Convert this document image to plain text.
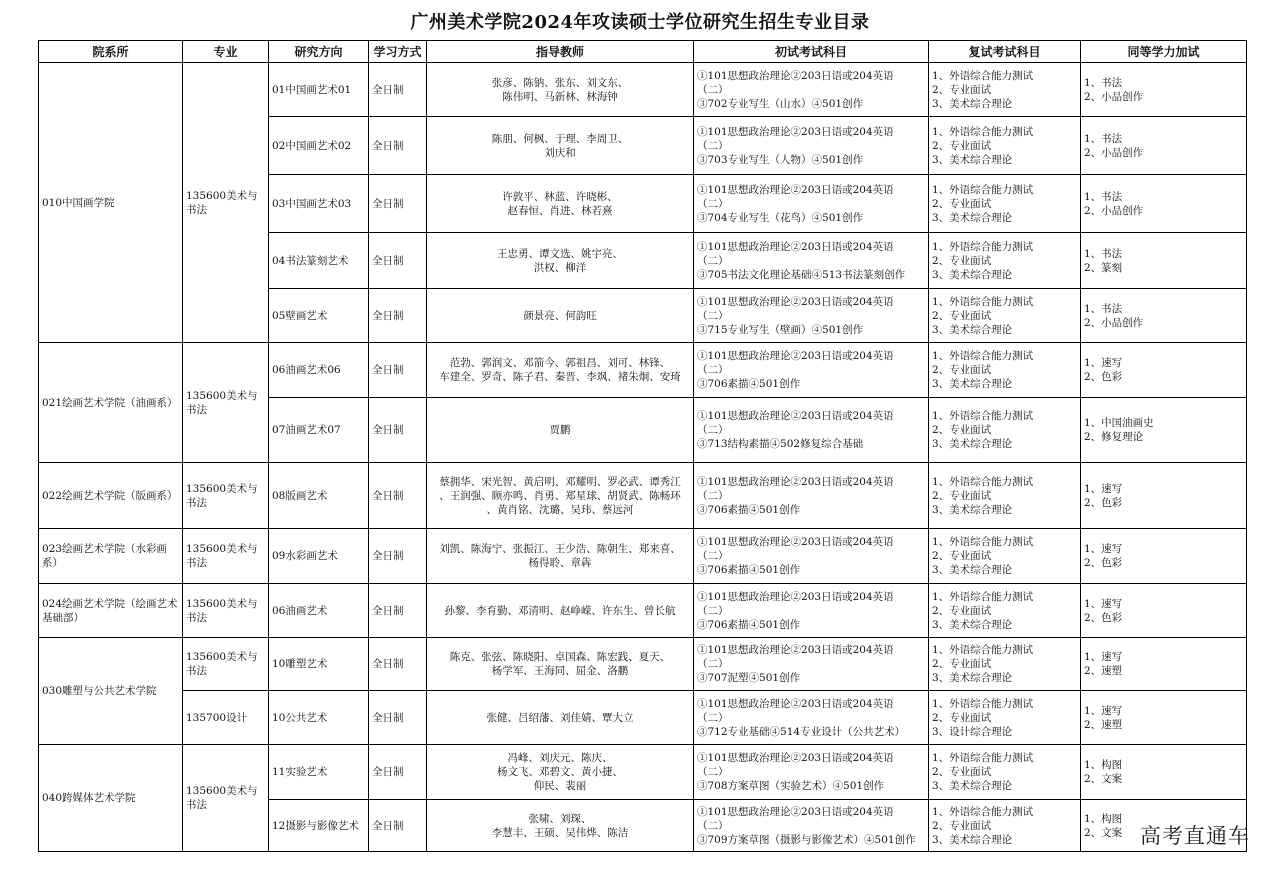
广州美术学院2024年攻读硕士学位研究生招生专业目录
院系所	专业	研究方向	学习方式	指导教师	初试考试科目	复试考试科目	同等学力加试
010中国画学院	135600美术与书法	01中国画艺术01	全日制	张彦、陈钠、张东、刘文东、
陈伟明、马新林、林海钟	①101思想政治理论②203日语或204英语（二）
③702专业写生（山水）④501创作	1、外语综合能力测试
2、专业面试
3、美术综合理论	1、书法
2、小品创作
		02中国画艺术02	全日制	陈朋、何枫、于理、李周卫、
刘庆和	①101思想政治理论②203日语或204英语（二）
③703专业写生（人物）④501创作	1、外语综合能力测试
2、专业面试
3、美术综合理论	1、书法
2、小品创作
		03中国画艺术03	全日制	许敦平、林蓝、许晓彬、
赵春恒、肖进、林若熹	①101思想政治理论②203日语或204英语（二）
③704专业写生（花鸟）④501创作	1、外语综合能力测试
2、专业面试
3、美术综合理论	1、书法
2、小品创作
		04书法篆刻艺术	全日制	王忠勇、谭文选、姚宇亮、
洪权、柳洋	①101思想政治理论②203日语或204英语（二）
③705书法文化理论基础④513书法篆刻创作	1、外语综合能力测试
2、专业面试
3、美术综合理论	1、书法
2、篆刻
		05壁画艺术	全日制	颜景亮、何韵旺	①101思想政治理论②203日语或204英语（二）
③715专业写生（壁画）④501创作	1、外语综合能力测试
2、专业面试
3、美术综合理论	1、书法
2、小品创作
021绘画艺术学院（油画系）	135600美术与书法	06油画艺术06	全日制	范勃、郭润文、邓箭今、郭祖昌、刘可、林锋、
车建全、罗奇、陈子君、秦晋、李飒、褚朱炯、安琦	①101思想政治理论②203日语或204英语（二）
③706素描④501创作	1、外语综合能力测试
2、专业面试
3、美术综合理论	1、速写
2、色彩
		07油画艺术07	全日制	贾鹏	①101思想政治理论②203日语或204英语（二）
③713结构素描④502修复综合基础	1、外语综合能力测试
2、专业面试
3、美术综合理论	1、中国油画史
2、修复理论
022绘画艺术学院（版画系）	135600美术与书法	08版画艺术	全日制	蔡拥华、宋光智、黄启明、邓耀明、罗必武、谭秀江
、王润强、顾亦鸣、肖勇、郑星球、胡贤武、陈畅环
、黄肖铭、沈璐、吴玮、蔡远河	①101思想政治理论②203日语或204英语（二）
③706素描④501创作	1、外语综合能力测试
2、专业面试
3、美术综合理论	1、速写
2、色彩
023绘画艺术学院（水彩画系）	135600美术与书法	09水彩画艺术	全日制	刘凯、陈海宁、张振江、王少浩、陈朝生、郑来喜、
杨得聆、章犇	①101思想政治理论②203日语或204英语（二）
③706素描④501创作	1、外语综合能力测试
2、专业面试
3、美术综合理论	1、速写
2、色彩
024绘画艺术学院（绘画艺术基础部）	135600美术与书法	06油画艺术	全日制	孙黎、李育勤、邓清明、赵峥嵘、许东生、曾长航	①101思想政治理论②203日语或204英语（二）
③706素描④501创作	1、外语综合能力测试
2、专业面试
3、美术综合理论	1、速写
2、色彩
030雕塑与公共艺术学院	135600美术与书法	10雕塑艺术	全日制	陈克、张弦、陈晓阳、卓国森、陈宏践、夏天、
杨学军、王海同、屈金、洛鹏	①101思想政治理论②203日语或204英语（二）
③707泥塑④501创作	1、外语综合能力测试
2、专业面试
3、美术综合理论	1、速写
2、速塑
	135700设计	10公共艺术	全日制	张健、吕绍藩、刘佳婧、覃大立	①101思想政治理论②203日语或204英语（二）
③712专业基础④514专业设计（公共艺术）	1、外语综合能力测试
2、专业面试
3、设计综合理论	1、速写
2、速塑
040跨媒体艺术学院	135600美术与书法	11实验艺术	全日制	冯峰、刘庆元、陈庆、
杨文飞、邓碧文、黄小捷、
仰民、裴丽	①101思想政治理论②203日语或204英语（二）
③708方案草图（实验艺术）④501创作	1、外语综合能力测试
2、专业面试
3、美术综合理论	1、构图
2、文案
		12摄影与影像艺术	全日制	张啸、刘琛、
李慧丰、王硕、吴伟烨、陈洁	①101思想政治理论②203日语或204英语（二）
③709方案草图（摄影与影像艺术）④501创作	1、外语综合能力测试
2、专业面试
3、美术综合理论	1、构图
2、文案 高考直通车
